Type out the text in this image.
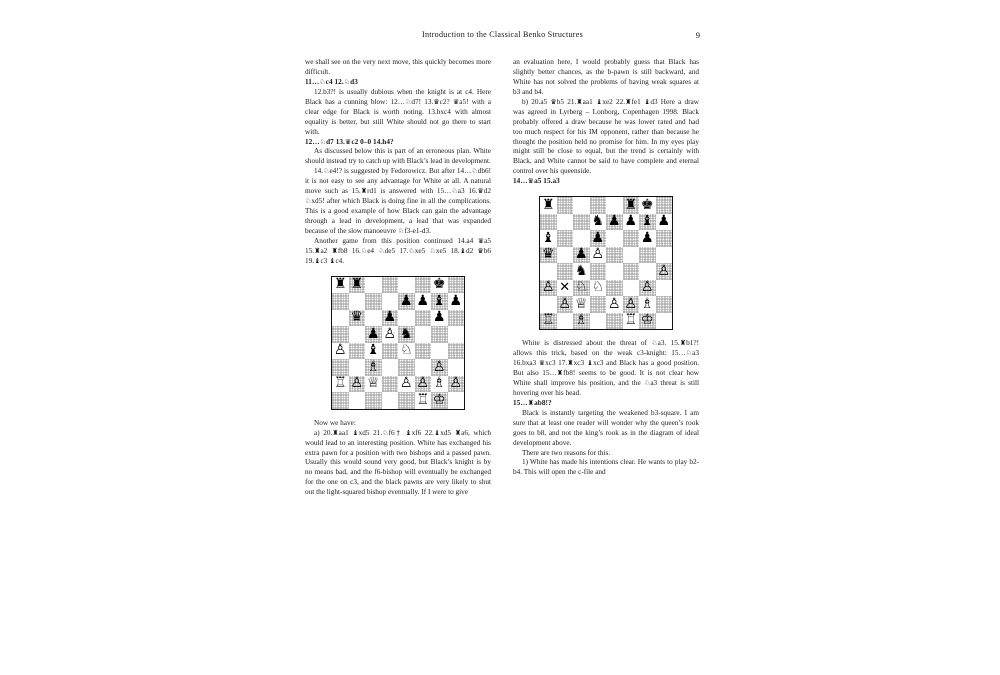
Introduction to the Classical Benko Structures	9

we shall see on the very next move, this quickly becomes more difficult.

11…♘c4 12.♘d3

12.b3?! is usually dubious when the knight is at c4. Here Black has a cunning blow: 12…♘d7! 13.♛c2? ♛a5! with a clear edge for Black is worth noting. 13.bxc4 with almost equality is better, but still White should not go there to start with.

12…♘d7 13.♛c2 0–0 14.h4?

As discussed below this is part of an erroneous plan. White should instead try to catch up with Black’s lead in development.

14.♘e4!? is suggested by Fedorowicz. But after 14…♘db6! it is not easy to see any advantage for White at all. A natural move such as 15.♜rd1 is answered with 15…♘a3 16.♛d2 ♘xd5! after which Black is doing fine in all the complications. This is a good example of how Black can gain the advantage through a lead in development, a lead that was expanded because of the slow manoeuvre ♘f3-e1-d3.

Another game from this position continued 14.a4 ♛a5 15.♜a2 ♜fb8 16.♘e4 ♘de5 17.♘xe5 ♘xe5 18.♝d2 ♛b6 19.♝c3 ♝c4.

♜ ♜	♚
♟ ♟ ♝ ♟
♛ ♟	♟
♟ ♙ ♞
♙ ♝ ♘
♗	♙
♖ ♙ ♕ ♙ ♙ ♗ ♙
♖ ♔

Now we have:

a) 20.♜aa1 ♝xd5 21.♘f6† ♝xf6 22.♝xd5 ♜a6, which would lead to an interesting position. White has exchanged his extra pawn for a position with two bishops and a passed pawn. Usually this would sound very good, but Black’s knight is by no means bad, and the f6-bishop will eventually be exchanged for the one on c3, and the black pawns are very likely to shut out the light-squared bishop eventually. If I were to give

an evaluation here, I would probably guess that Black has slightly better chances, as the b-pawn is still backward, and White has not solved the problems of having weak squares at b3 and b4.

b) 20.a5 ♛b5 21.♜aa1 ♝xe2 22.♜fe1 ♝d3 Here a draw was agreed in Lyrberg – Lonborg, Copenhagen 1998. Black probably offered a draw because he was lower rated and had too much respect for his IM opponent, rather than because he thought the position held no promise for him. In my eyes play might still be close to equal, but the trend is certainly with Black, and White cannot be said to have complete and eternal control over his queenside.

14…♛a5 15.a3

♜	♜ ♚
♞ ♟ ♟ ♝ ♟
♝	♟	♟
♛ ♟ ♙
♞	♙
♙ ✕ ♘ ♘	♙
♙ ♕ ♙ ♙ ♗
♖ ♗	♖ ♔

White is distressed about the threat of ♘a3. 15.♜b1?! allows this trick, based on the weak c3-knight: 15…♘a3 16.bxa3 ♛xc3 17.♜xc3 ♝xc3 and Black has a good position. But also 15…♜fb8! seems to be good. It is not clear how White shall improve his position, and the ♘a3 threat is still hovering over his head.

15…♜ab8!?

Black is instantly targeting the weakened b3-square. I am sure that at least one reader will wonder why the queen’s rook goes to b8, and not the king’s rook as in the diagram of ideal development above.

There are two reasons for this.

1) White has made his intentions clear. He wants to play b2-b4. This will open the c-file and
